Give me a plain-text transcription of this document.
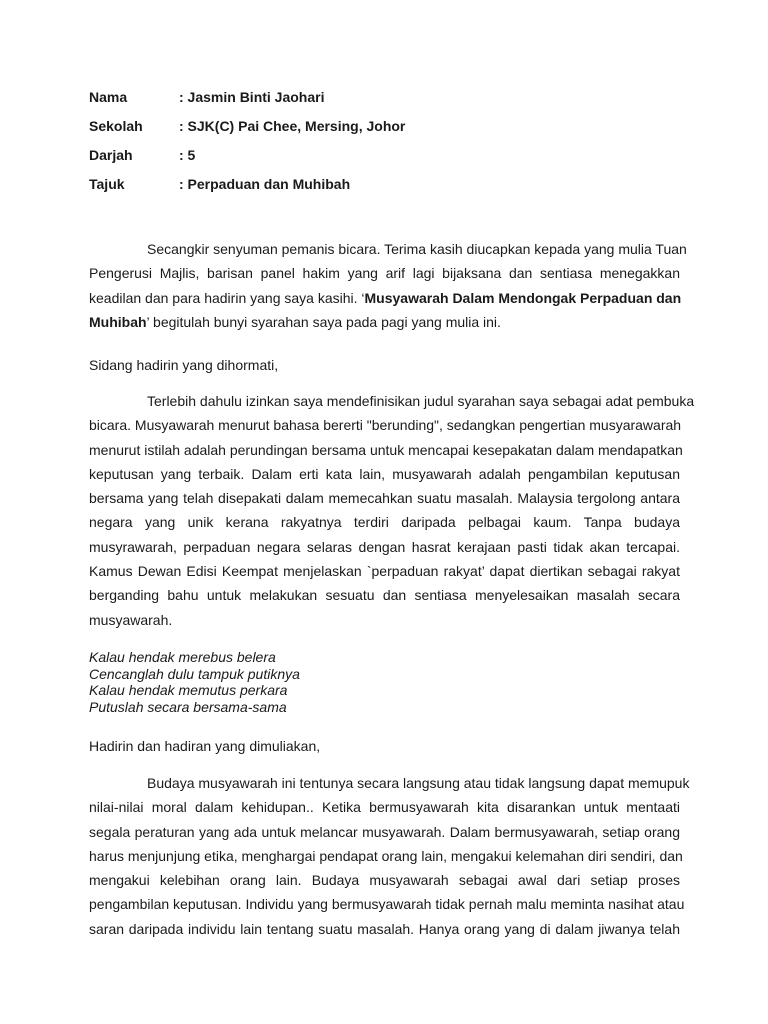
Nama	: Jasmin Binti Jaohari
Sekolah	: SJK(C) Pai Chee, Mersing, Johor
Darjah	: 5
Tajuk	: Perpaduan dan Muhibah
Secangkir senyuman pemanis bicara. Terima kasih diucapkan kepada yang mulia Tuan
Pengerusi Majlis, barisan panel hakim yang arif lagi bijaksana dan sentiasa menegakkan
keadilan dan para hadirin yang saya kasihi. ‘Musyawarah Dalam Mendongak Perpaduan dan
Muhibah’ begitulah bunyi syarahan saya pada pagi yang mulia ini.
Sidang hadirin yang dihormati,
Terlebih dahulu izinkan saya mendefinisikan judul syarahan saya sebagai adat pembuka
bicara. Musyawarah menurut bahasa bererti "berunding", sedangkan pengertian musyarawarah
menurut istilah adalah perundingan bersama untuk mencapai kesepakatan dalam mendapatkan
keputusan yang terbaik. Dalam erti kata lain, musyawarah adalah pengambilan keputusan
bersama yang telah disepakati dalam memecahkan suatu masalah. Malaysia tergolong antara
negara yang unik kerana rakyatnya terdiri daripada pelbagai kaum. Tanpa budaya
musyrawarah, perpaduan negara selaras dengan hasrat kerajaan pasti tidak akan tercapai.
Kamus Dewan Edisi Keempat menjelaskan `perpaduan rakyat’ dapat diertikan sebagai rakyat
berganding bahu untuk melakukan sesuatu dan sentiasa menyelesaikan masalah secara
musyawarah.
Kalau hendak merebus belera
Cencanglah dulu tampuk putiknya
Kalau hendak memutus perkara
Putuslah secara bersama-sama
Hadirin dan hadiran yang dimuliakan,
Budaya musyawarah ini tentunya secara langsung atau tidak langsung dapat memupuk
nilai-nilai moral dalam kehidupan.. Ketika bermusyawarah kita disarankan untuk mentaati
segala peraturan yang ada untuk melancar musyawarah. Dalam bermusyawarah, setiap orang
harus menjunjung etika, menghargai pendapat orang lain, mengakui kelemahan diri sendiri, dan
mengakui kelebihan orang lain. Budaya musyawarah sebagai awal dari setiap proses
pengambilan keputusan. Individu yang bermusyawarah tidak pernah malu meminta nasihat atau
saran daripada individu lain tentang suatu masalah. Hanya orang yang di dalam jiwanya telah
